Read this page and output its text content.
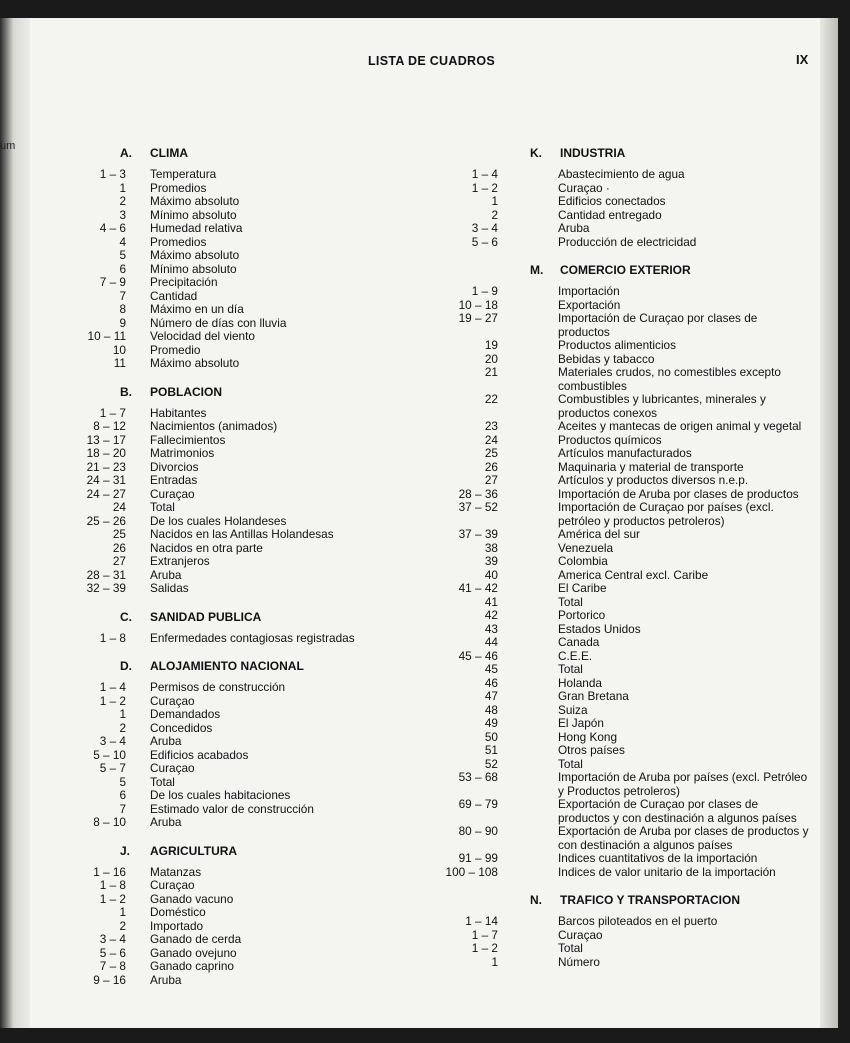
LISTA DE CUADROS	IX
A. CLIMA
1 – 3 Temperatura
1 Promedios
2 Máximo absoluto
3 Mínimo absoluto
4 – 6 Humedad relativa
4 Promedios
5 Máximo absoluto
6 Mínimo absoluto
7 – 9 Precipitación
7 Cantidad
8 Máximo en un día
9 Número de días con lluvia
10 – 11 Velocidad del viento
10 Promedio
11 Máximo absoluto
B. POBLACION
1 – 7 Habitantes
8 – 12 Nacimientos (animados)
13 – 17 Fallecimientos
18 – 20 Matrimonios
21 – 23 Divorcios
24 – 31 Entradas
24 – 27 Curaçao
24 Total
25 – 26 De los cuales Holandeses
25 Nacidos en las Antillas Holandesas
26 Nacidos en otra parte
27 Extranjeros
28 – 31 Aruba
32 – 39 Salidas
C. SANIDAD PUBLICA
1 – 8 Enfermedades contagiosas registradas
D. ALOJAMIENTO NACIONAL
1 – 4 Permisos de construcción
1 – 2 Curaçao
1 Demandados
2 Concedidos
3 – 4 Aruba
5 – 10 Edificios acabados
5 – 7 Curaçao
5 Total
6 De los cuales habitaciones
7 Estimado valor de construcción
8 – 10 Aruba
J. AGRICULTURA
1 – 16 Matanzas
1 – 8 Curaçao
1 – 2 Ganado vacuno
1 Doméstico
2 Importado
3 – 4 Ganado de cerda
5 – 6 Ganado ovejuno
7 – 8 Ganado caprino
9 – 16 Aruba
K. INDUSTRIA
1 – 4	Abastecimiento de agua
1 – 2	Curaçao ·
1	Edificios conectados
2	Cantidad entregado
3 – 4	Aruba
5 – 6	Producción de electricidad
M. COMERCIO EXTERIOR
1 – 9	Importación
10 – 18	Exportación
19 – 27	Importación de Curaçao por clases de productos
19	Productos alimenticios
20	Bebidas y tabacco
21	Materiales crudos, no comestibles excepto combustibles
22	Combustibles y lubricantes, minerales y productos conexos
23	Aceites y mantecas de origen animal y vegetal
24	Productos químicos
25	Artículos manufacturados
26	Maquinaria y material de transporte
27	Artículos y productos diversos n.e.p.
28 – 36	Importación de Aruba por clases de productos
37 – 52	Importación de Curaçao por países (excl. petróleo y productos petroleros)
37 – 39	América del sur
38	Venezuela
39	Colombia
40	America Central excl. Caribe
41 – 42	El Caribe
41	Total
42	Portorico
43	Estados Unidos
44	Canada
45 – 46	C.E.E.
45	Total
46	Holanda
47	Gran Bretana
48	Suiza
49	El Japón
50	Hong Kong
51	Otros países
52	Total
53 – 68	Importación de Aruba por países (excl. Petróleo y Productos petroleros)
69 – 79	Exportación de Curaçao por clases de productos y con destinación a algunos países
80 – 90	Exportación de Aruba por clases de productos y con destinación a algunos países
91 – 99	Indices cuantitativos de la importación
100 – 108	Indices de valor unitario de la importación
N. TRAFICO Y TRANSPORTACION
1 – 14	Barcos piloteados en el puerto
1 – 7	Curaçao
1 – 2	Total
1	Número
um
